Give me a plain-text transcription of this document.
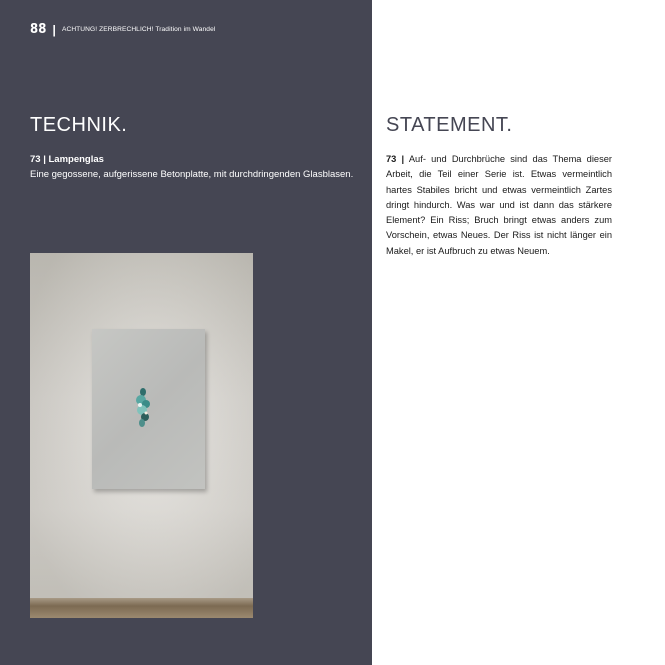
88 | ACHTUNG! ZERBRECHLICH! Tradition im Wandel
TECHNIK.
73 | Lampenglas
Eine gegossene, aufgerissene Betonplatte, mit durchdringenden Glasblasen.
STATEMENT.
73 | Auf- und Durchbrüche sind das Thema dieser Arbeit, die Teil einer Serie ist. Etwas vermeintlich hartes Stabiles bricht und etwas vermeintlich Zartes dringt hindurch. Was war und ist dann das stärkere Element? Ein Riss; Bruch bringt etwas anders zum Vorschein, etwas Neues. Der Riss ist nicht länger ein Makel, er ist Aufbruch zu etwas Neuem.
